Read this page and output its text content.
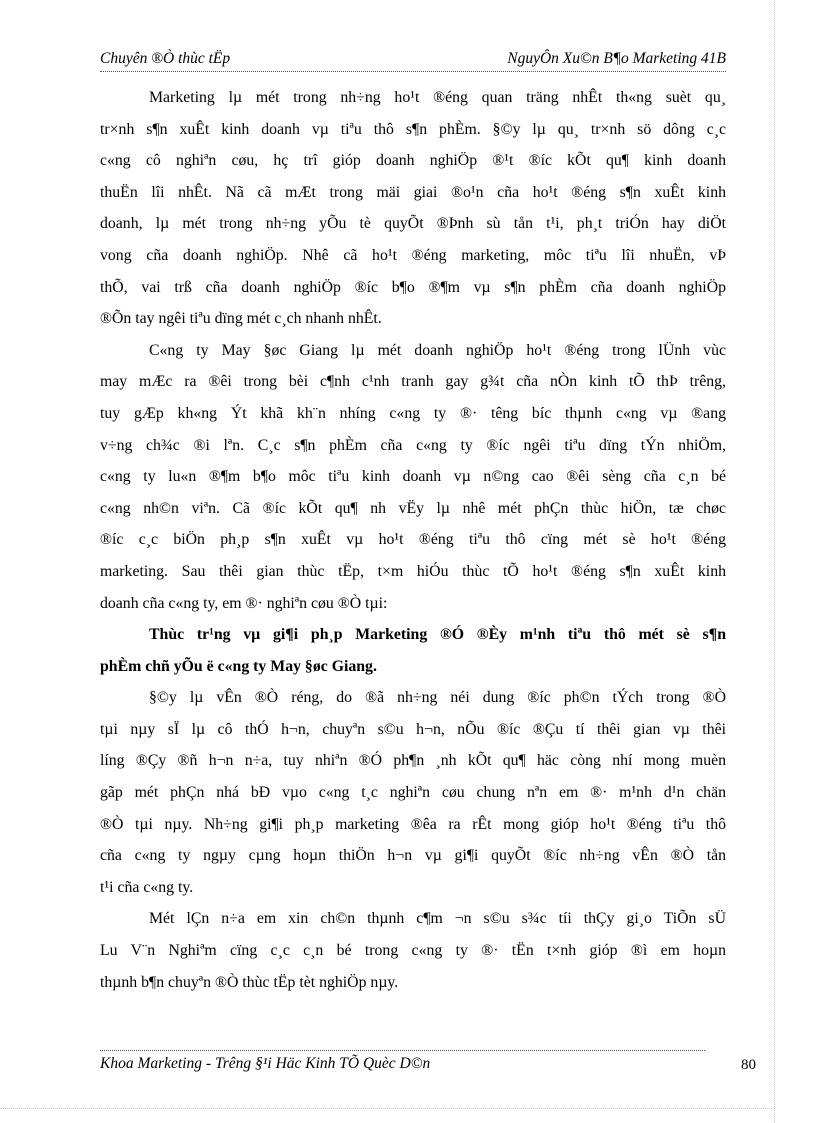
Chuyên ®Ò thùc tËp	NguyÔn Xu©n B¶o Marketing 41B

Marketing lµ mét trong nh÷ng ho¹t ®éng quan träng nhÊt th«ng suèt qu¸
tr×nh s¶n xuÊt kinh doanh vµ tiªu thô s¶n phÈm. §©y lµ qu¸ tr×nh sö dông c¸c
c«ng cô nghiªn cøu, hç trî gióp doanh nghiÖp ®¹t ®íc kÕt qu¶ kinh doanh
thuËn lîi nhÊt. Nã cã mÆt trong mäi giai ®o¹n cña ho¹t ®éng s¶n xuÊt kinh
doanh, lµ mét trong nh÷ng yÕu tè quyÕt ®Þnh sù tån t¹i, ph¸t triÓn hay diÖt
vong cña doanh nghiÖp. Nhê cã ho¹t ®éng marketing, môc tiªu lîi nhuËn, vÞ
thÕ, vai trß cña doanh nghiÖp ®íc b¶o ®¶m vµ s¶n phÈm cña doanh nghiÖp
®Õn tay ngêi tiªu dïng mét c¸ch nhanh nhÊt.

C«ng ty May §øc Giang lµ mét doanh nghiÖp ho¹t ®éng trong lÜnh vùc
may mÆc ra ®êi trong bèi c¶nh c¹nh tranh gay g¾t cña nÒn kinh tÕ thÞ trêng,
tuy gÆp kh«ng Ýt khã kh¨n nhíng c«ng ty ®· têng bíc thµnh c«ng vµ ®ang
v÷ng ch¾c ®i lªn. C¸c s¶n phÈm cña c«ng ty ®íc ngêi tiªu dïng tÝn nhiÖm,
c«ng ty lu«n ®¶m b¶o môc tiªu kinh doanh vµ n©ng cao ®êi sèng cña c¸n bé
c«ng nh©n viªn. Cã ®íc kÕt qu¶ nh vËy lµ nhê mét phÇn thùc hiÖn, tæ chøc
®íc c¸c biÖn ph¸p s¶n xuÊt vµ ho¹t ®éng tiªu thô cïng mét sè ho¹t ®éng
marketing. Sau thêi gian thùc tËp, t×m hiÓu thùc tÕ ho¹t ®éng s¶n xuÊt kinh
doanh cña c«ng ty, em ®· nghiªn cøu ®Ò tµi:

Thùc tr¹ng vµ gi¶i ph¸p Marketing ®Ó ®Èy m¹nh tiªu thô mét sè s¶n
phÈm chñ yÕu ë c«ng ty May §øc Giang.

§©y lµ vÊn ®Ò réng, do ®ã nh÷ng néi dung ®íc ph©n tÝch trong ®Ò
tµi nµy sÏ lµ cô thÓ h¬n, chuyªn s©u h¬n, nÕu ®íc ®Çu tí thêi gian vµ thêi
líng ®Çy ®ñ h¬n n÷a, tuy nhiªn ®Ó ph¶n ¸nh kÕt qu¶ häc còng nhí mong muèn
gãp mét phÇn nhá bÐ vµo c«ng t¸c nghiªn cøu chung nªn em ®· m¹nh d¹n chän
®Ò tµi nµy. Nh÷ng gi¶i ph¸p marketing ®êa ra rÊt mong gióp ho¹t ®éng tiªu thô
cña c«ng ty ngµy cµng hoµn thiÖn h¬n vµ gi¶i quyÕt ®íc nh÷ng vÊn ®Ò tån
t¹i cña c«ng ty.

Mét lÇn n÷a em xin ch©n thµnh c¶m ¬n s©u s¾c tíi thÇy gi¸o TiÕn sÜ
Lu V¨n Nghiªm cïng c¸c c¸n bé trong c«ng ty ®· tËn t×nh gióp ®ì em hoµn
thµnh b¶n chuyªn ®Ò thùc tËp tèt nghiÖp nµy.

Khoa Marketing - Trêng §¹i Häc Kinh TÕ Quèc D©n	80
